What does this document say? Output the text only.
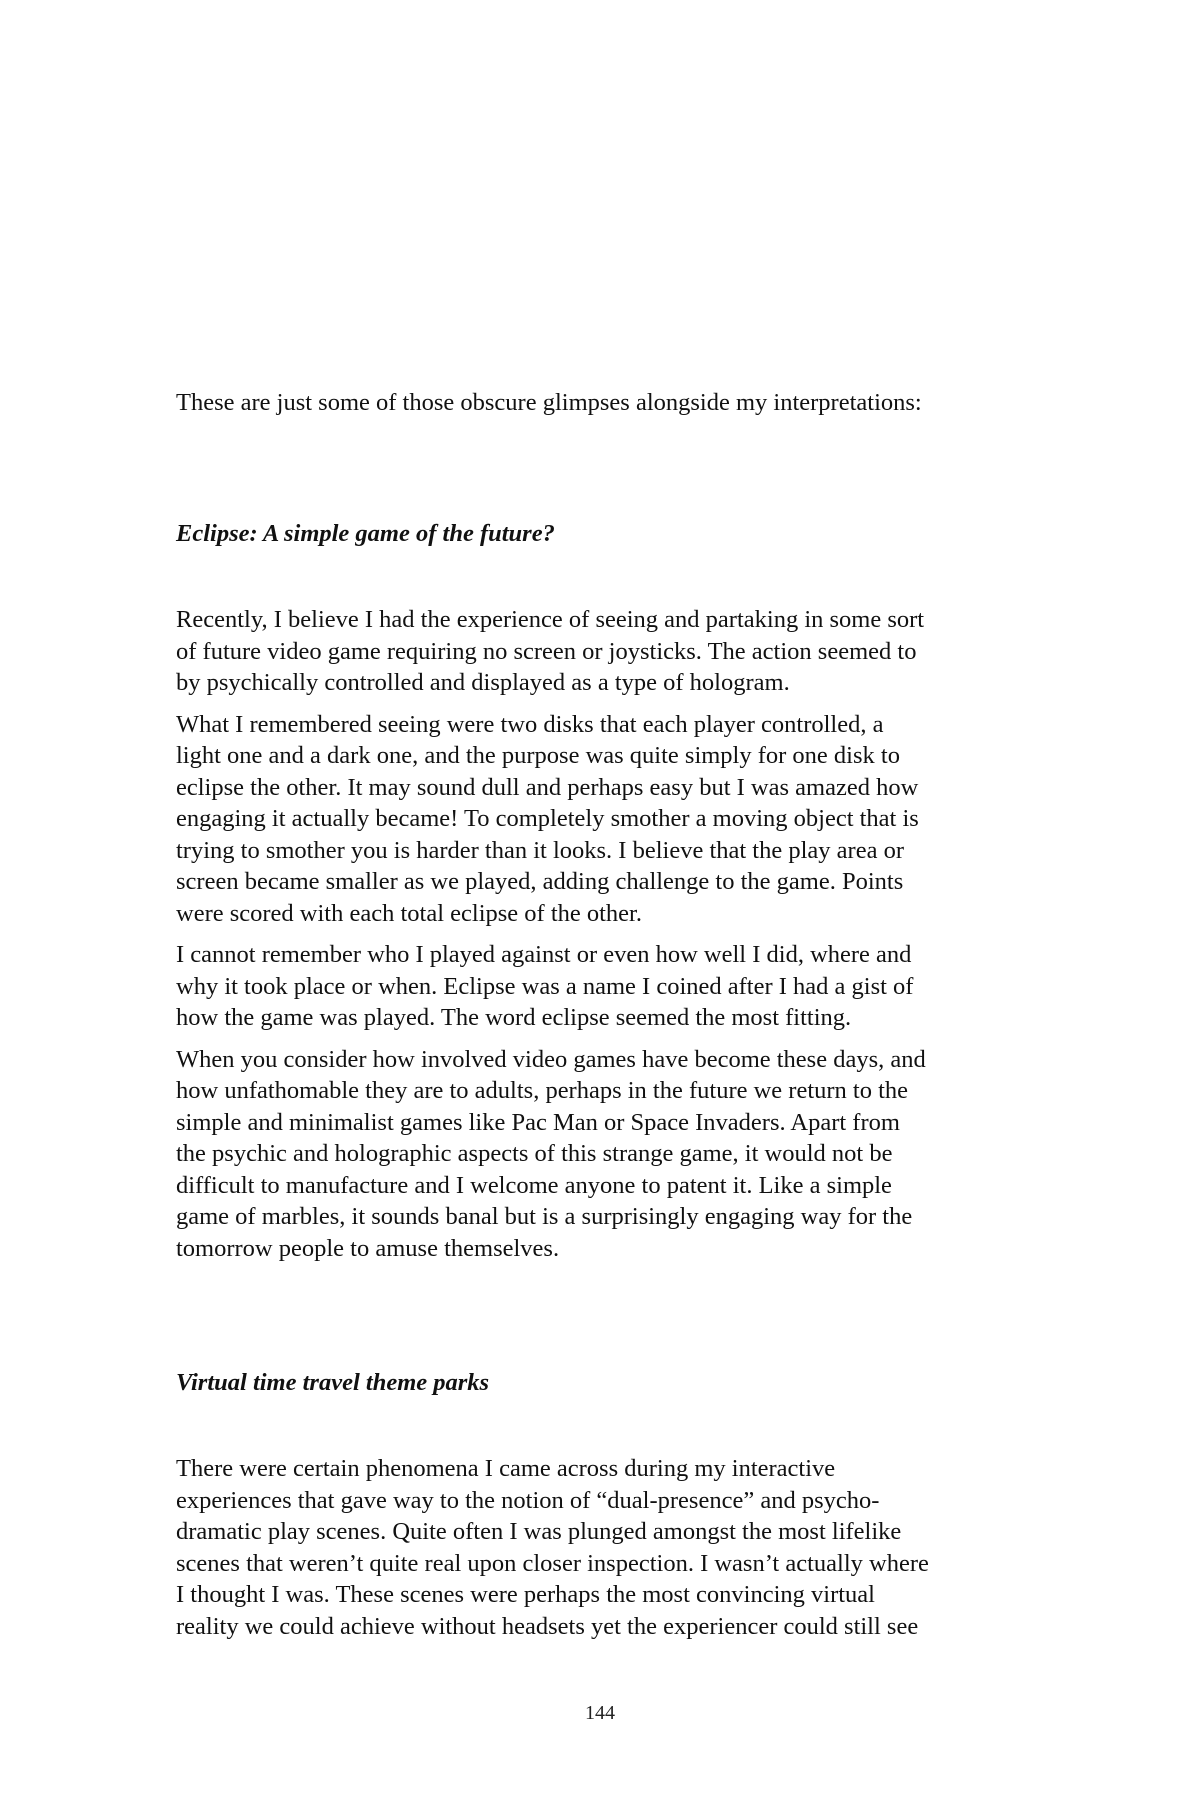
These are just some of those obscure glimpses alongside my interpretations:

Eclipse: A simple game of the future?

Recently, I believe I had the experience of seeing and partaking in some sort
of future video game requiring no screen or joysticks. The action seemed to
by psychically controlled and displayed as a type of hologram.

What I remembered seeing were two disks that each player controlled, a
light one and a dark one, and the purpose was quite simply for one disk to
eclipse the other. It may sound dull and perhaps easy but I was amazed how
engaging it actually became! To completely smother a moving object that is
trying to smother you is harder than it looks. I believe that the play area or
screen became smaller as we played, adding challenge to the game. Points
were scored with each total eclipse of the other.

I cannot remember who I played against or even how well I did, where and
why it took place or when. Eclipse was a name I coined after I had a gist of
how the game was played. The word eclipse seemed the most fitting.

When you consider how involved video games have become these days, and
how unfathomable they are to adults, perhaps in the future we return to the
simple and minimalist games like Pac Man or Space Invaders. Apart from
the psychic and holographic aspects of this strange game, it would not be
difficult to manufacture and I welcome anyone to patent it. Like a simple
game of marbles, it sounds banal but is a surprisingly engaging way for the
tomorrow people to amuse themselves.

Virtual time travel theme parks

There were certain phenomena I came across during my interactive
experiences that gave way to the notion of “dual-presence” and psycho-
dramatic play scenes. Quite often I was plunged amongst the most lifelike
scenes that weren’t quite real upon closer inspection. I wasn’t actually where
I thought I was. These scenes were perhaps the most convincing virtual
reality we could achieve without headsets yet the experiencer could still see

144
